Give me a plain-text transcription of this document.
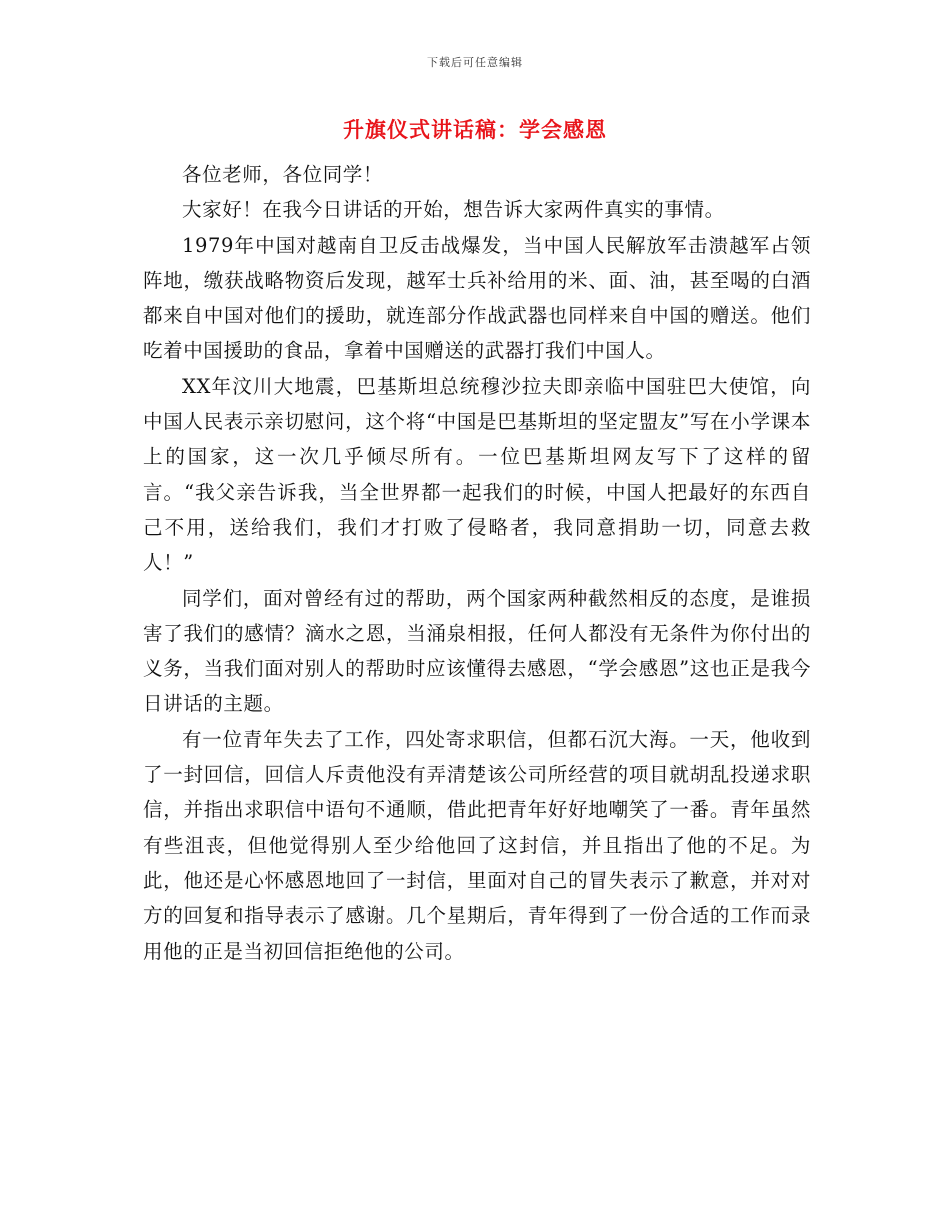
下载后可任意编辑
升旗仪式讲话稿：学会感恩

各位老师，各位同学！

大家好！在我今日讲话的开始，想告诉大家两件真实的事情。

1979年中国对越南自卫反击战爆发，当中国人民解放军击溃越军占领阵地，缴获战略物资后发现，越军士兵补给用的米、面、油，甚至喝的白酒都来自中国对他们的援助，就连部分作战武器也同样来自中国的赠送。他们吃着中国援助的食品，拿着中国赠送的武器打我们中国人。

XX年汶川大地震，巴基斯坦总统穆沙拉夫即亲临中国驻巴大使馆，向中国人民表示亲切慰问，这个将“中国是巴基斯坦的坚定盟友”写在小学课本上的国家，这一次几乎倾尽所有。一位巴基斯坦网友写下了这样的留言。“我父亲告诉我，当全世界都一起我们的时候，中国人把最好的东西自己不用，送给我们，我们才打败了侵略者，我同意捐助一切，同意去救人！”

同学们，面对曾经有过的帮助，两个国家两种截然相反的态度，是谁损害了我们的感情？滴水之恩，当涌泉相报，任何人都没有无条件为你付出的义务，当我们面对别人的帮助时应该懂得去感恩，“学会感恩”这也正是我今日讲话的主题。

有一位青年失去了工作，四处寄求职信，但都石沉大海。一天，他收到了一封回信，回信人斥责他没有弄清楚该公司所经营的项目就胡乱投递求职信，并指出求职信中语句不通顺，借此把青年好好地嘲笑了一番。青年虽然有些沮丧，但他觉得别人至少给他回了这封信，并且指出了他的不足。为此，他还是心怀感恩地回了一封信，里面对自己的冒失表示了歉意，并对对方的回复和指导表示了感谢。几个星期后，青年得到了一份合适的工作而录用他的正是当初回信拒绝他的公司。
